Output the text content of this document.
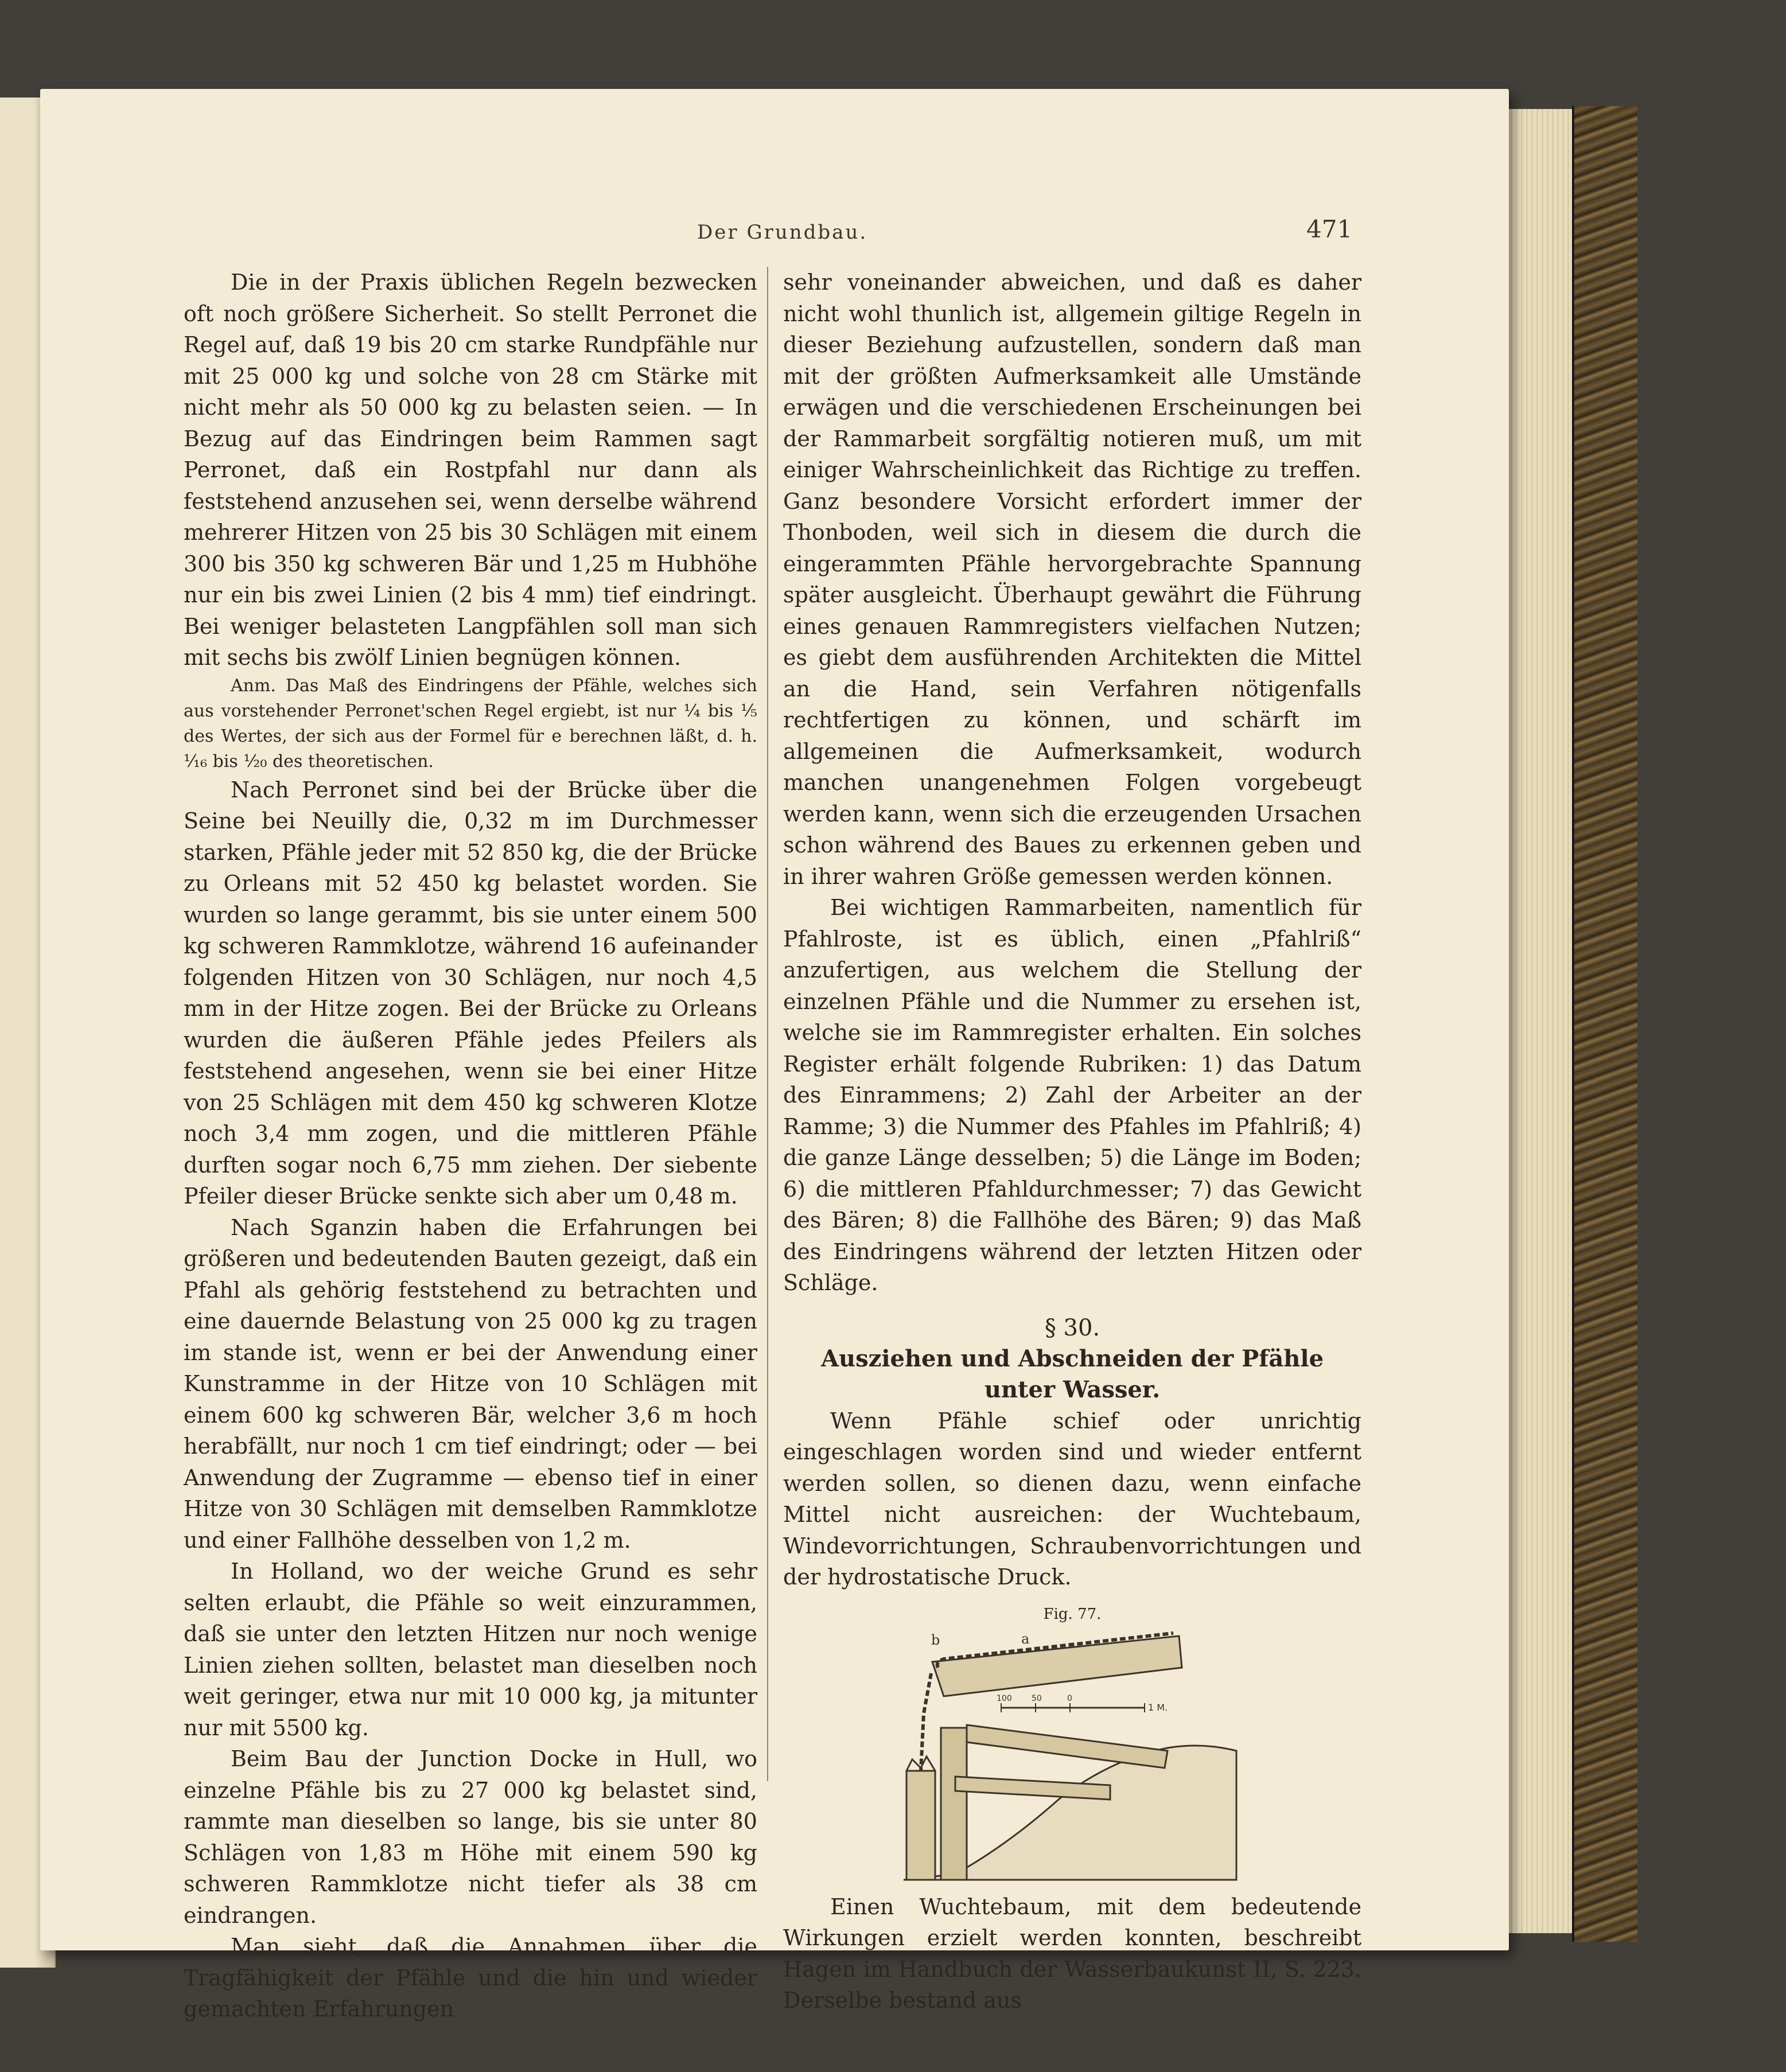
Der Grundbau.	471

Die in der Praxis üblichen Regeln bezwecken oft noch größere Sicherheit. So stellt Perronet die Regel auf, daß 19 bis 20 cm starke Rundpfähle nur mit 25 000 kg und solche von 28 cm Stärke mit nicht mehr als 50 000 kg zu belasten seien. — In Bezug auf das Eindringen beim Rammen sagt Perronet, daß ein Rostpfahl nur dann als feststehend anzusehen sei, wenn derselbe während mehrerer Hitzen von 25 bis 30 Schlägen mit einem 300 bis 350 kg schweren Bär und 1,25 m Hubhöhe nur ein bis zwei Linien (2 bis 4 mm) tief eindringt. Bei weniger belasteten Langpfählen soll man sich mit sechs bis zwölf Linien begnügen können.

Anm. Das Maß des Eindringens der Pfähle, welches sich aus vorstehender Perronet'schen Regel ergiebt, ist nur ¼ bis ⅕ des Wertes, der sich aus der Formel für e berechnen läßt, d. h. ¹⁄₁₆ bis ¹⁄₂₀ des theoretischen.

Nach Perronet sind bei der Brücke über die Seine bei Neuilly die, 0,32 m im Durchmesser starken, Pfähle jeder mit 52 850 kg, die der Brücke zu Orleans mit 52 450 kg belastet worden. Sie wurden so lange gerammt, bis sie unter einem 500 kg schweren Rammklotze, während 16 aufeinander folgenden Hitzen von 30 Schlägen, nur noch 4,5 mm in der Hitze zogen. Bei der Brücke zu Orleans wurden die äußeren Pfähle jedes Pfeilers als feststehend angesehen, wenn sie bei einer Hitze von 25 Schlägen mit dem 450 kg schweren Klotze noch 3,4 mm zogen, und die mittleren Pfähle durften sogar noch 6,75 mm ziehen. Der siebente Pfeiler dieser Brücke senkte sich aber um 0,48 m.

Nach Sganzin haben die Erfahrungen bei größeren und bedeutenden Bauten gezeigt, daß ein Pfahl als gehörig feststehend zu betrachten und eine dauernde Belastung von 25 000 kg zu tragen im stande ist, wenn er bei der Anwendung einer Kunstramme in der Hitze von 10 Schlägen mit einem 600 kg schweren Bär, welcher 3,6 m hoch herabfällt, nur noch 1 cm tief eindringt; oder — bei Anwendung der Zugramme — ebenso tief in einer Hitze von 30 Schlägen mit demselben Rammklotze und einer Fallhöhe desselben von 1,2 m.

In Holland, wo der weiche Grund es sehr selten erlaubt, die Pfähle so weit einzurammen, daß sie unter den letzten Hitzen nur noch wenige Linien ziehen sollten, belastet man dieselben noch weit geringer, etwa nur mit 10 000 kg, ja mitunter nur mit 5500 kg.

Beim Bau der Junction Docke in Hull, wo einzelne Pfähle bis zu 27 000 kg belastet sind, rammte man dieselben so lange, bis sie unter 80 Schlägen von 1,83 m Höhe mit einem 590 kg schweren Rammklotze nicht tiefer als 38 cm eindrangen.

Man sieht, daß die Annahmen über die Tragfähigkeit der Pfähle und die hin und wieder gemachten Erfahrungen

sehr voneinander abweichen, und daß es daher nicht wohl thunlich ist, allgemein giltige Regeln in dieser Beziehung aufzustellen, sondern daß man mit der größten Aufmerksamkeit alle Umstände erwägen und die verschiedenen Erscheinungen bei der Rammarbeit sorgfältig notieren muß, um mit einiger Wahrscheinlichkeit das Richtige zu treffen. Ganz besondere Vorsicht erfordert immer der Thonboden, weil sich in diesem die durch die eingerammten Pfähle hervorgebrachte Spannung später ausgleicht. Überhaupt gewährt die Führung eines genauen Rammregisters vielfachen Nutzen; es giebt dem ausführenden Architekten die Mittel an die Hand, sein Verfahren nötigenfalls rechtfertigen zu können, und schärft im allgemeinen die Aufmerksamkeit, wodurch manchen unangenehmen Folgen vorgebeugt werden kann, wenn sich die erzeugenden Ursachen schon während des Baues zu erkennen geben und in ihrer wahren Größe gemessen werden können.

Bei wichtigen Rammarbeiten, namentlich für Pfahlroste, ist es üblich, einen „Pfahlriß“ anzufertigen, aus welchem die Stellung der einzelnen Pfähle und die Nummer zu ersehen ist, welche sie im Rammregister erhalten. Ein solches Register erhält folgende Rubriken: 1) das Datum des Einrammens; 2) Zahl der Arbeiter an der Ramme; 3) die Nummer des Pfahles im Pfahlriß; 4) die ganze Länge desselben; 5) die Länge im Boden; 6) die mittleren Pfahldurchmesser; 7) das Gewicht des Bären; 8) die Fallhöhe des Bären; 9) das Maß des Eindringens während der letzten Hitzen oder Schläge.

§ 30.
Ausziehen und Abschneiden der Pfähle unter Wasser.

Wenn Pfähle schief oder unrichtig eingeschlagen worden sind und wieder entfernt werden sollen, so dienen dazu, wenn einfache Mittel nicht ausreichen: der Wuchtebaum, Windevorrichtungen, Schraubenvorrichtungen und der hydrostatische Druck.

Fig. 77.
100 50	0
1 M.
b	a

Einen Wuchtebaum, mit dem bedeutende Wirkungen erzielt werden konnten, beschreibt Hagen im Handbuch der Wasserbaukunst II, S. 223. Derselbe bestand aus
